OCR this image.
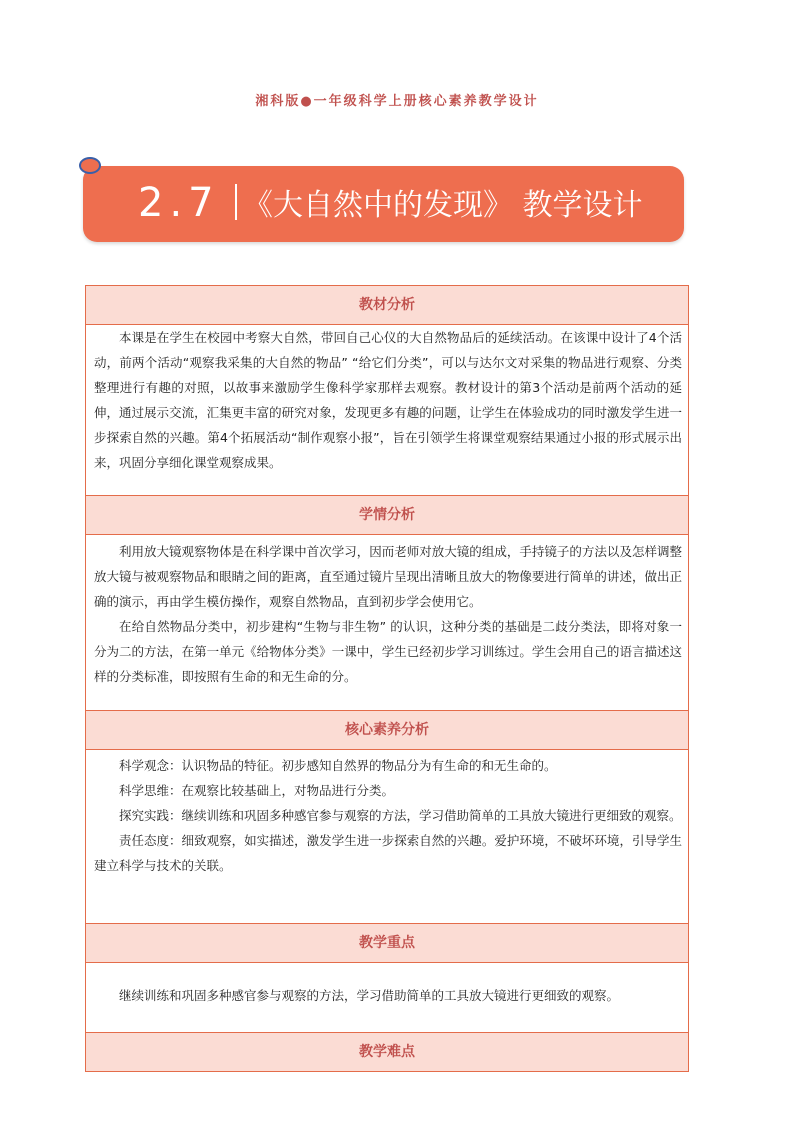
湘科版●一年级科学上册核心素养教学设计
2.7 《大自然中的发现》 教学设计
教材分析

本课是在学生在校园中考察大自然，带回自己心仪的大自然物品后的延续活动。在该课中设计了4个活动，前两个活动“观察我采集的大自然的物品” “给它们分类”，可以与达尔文对采集的物品进行观察、分类整理进行有趣的对照，以故事来激励学生像科学家那样去观察。教材设计的第3个活动是前两个活动的延伸，通过展示交流，汇集更丰富的研究对象，发现更多有趣的问题，让学生在体验成功的同时激发学生进一步探索自然的兴趣。第4个拓展活动“制作观察小报”，旨在引领学生将课堂观察结果通过小报的形式展示出来，巩固分享细化课堂观察成果。

学情分析

利用放大镜观察物体是在科学课中首次学习，因而老师对放大镜的组成，手持镜子的方法以及怎样调整放大镜与被观察物品和眼睛之间的距离，直至通过镜片呈现出清晰且放大的物像要进行简单的讲述，做出正确的演示，再由学生模仿操作，观察自然物品，直到初步学会使用它。

在给自然物品分类中，初步建构“生物与非生物” 的认识，这种分类的基础是二歧分类法，即将对象一分为二的方法，在第一单元《给物体分类》一课中，学生已经初步学习训练过。学生会用自己的语言描述这样的分类标准，即按照有生命的和无生命的分。

核心素养分析

科学观念：认识物品的特征。初步感知自然界的物品分为有生命的和无生命的。

科学思维：在观察比较基础上，对物品进行分类。

探究实践：继续训练和巩固多种感官参与观察的方法，学习借助简单的工具放大镜进行更细致的观察。

责任态度：细致观察，如实描述，激发学生进一步探索自然的兴趣。爱护环境，不破坏环境，引导学生建立科学与技术的关联。

教学重点

继续训练和巩固多种感官参与观察的方法，学习借助简单的工具放大镜进行更细致的观察。

教学难点
